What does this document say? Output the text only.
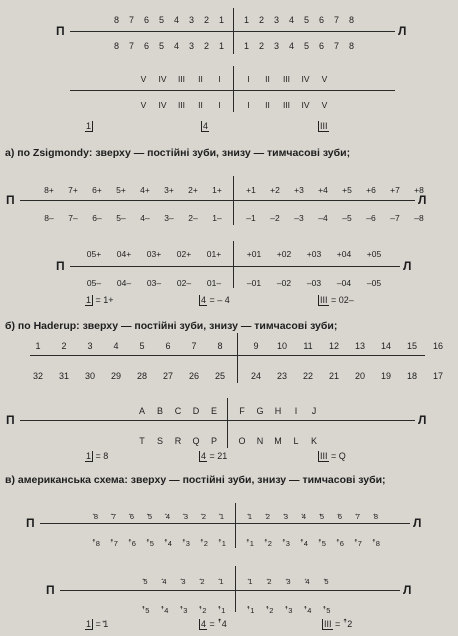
8	7	6	5	4	3	2	1	1	2	3	4	5	6	7	8
8	7	6	5	4	3	2	1	1	2	3	4	5	6	7	8
П	Л
V	IV	III	II	I	I	II	III	IV	V
V	IV	III	II	I	I	II	III	IV	V
1	4	III
а) по Zsigmondy: зверху — постійні зуби, знизу — тимчасові зуби;
8+	7+	6+	5+	4+	3+	2+	1+	+1	+2	+3	+4	+5	+6	+7	+8
8–	7–	6–	5–	4–	3–	2–	1–	–1	–2	–3	–4	–5	–6	–7	–8
П	Л
05+	04+	03+	02+	01+	+01	+02	+03	+04	+05
05–	04–	03–	02–	01–	–01	–02	–03	–04	–05
П	Л
1 = 1+	4 = – 4	III = 02–
б) по Haderup: зверху — постійні зуби, знизу — тимчасові зуби;
1	2	3	4	5	6	7	8	9	10	11	12	13	14	15	16
32	31	30	29	28	27	26	25	24	23	22	21	20	19	18	17
A	B	C	D	E	F	G	H	I	J
T	S	R	Q	P	O	N	M	L	K
П	Л
1 = 8	4 = 21	III = Q
в) американська схема: зверху — постійні зуби, знизу — тимчасові зуби;
ꜙ8	ꜙ7	ꜙ6	ꜙ5	ꜙ4	ꜙ3	ꜙ2	ꜙ1	ꜗ1	ꜗ2	ꜗ3	ꜗ4	ꜗ5	ꜗ6	ꜗ7	ꜗ8
ꜛ8	ꜛ7	ꜛ6	ꜛ5	ꜛ4	ꜛ3	ꜛ2	ꜛ1	ꜛ1	ꜛ2	ꜛ3	ꜛ4	ꜛ5	ꜛ6	ꜛ7	ꜛ8
П	Л
ꜙ5	ꜙ4	ꜙ3	ꜙ2	ꜙ1	ꜗ1	ꜗ2	ꜗ3	ꜗ4	ꜗ5
ꜛ5	ꜛ4	ꜛ3	ꜛ2	ꜛ1	ꜛ1	ꜛ2	ꜛ3	ꜛ4	ꜛ5
П	Л
1 = ꜗ1	4 = ꜛ4	III = ꜛ2
